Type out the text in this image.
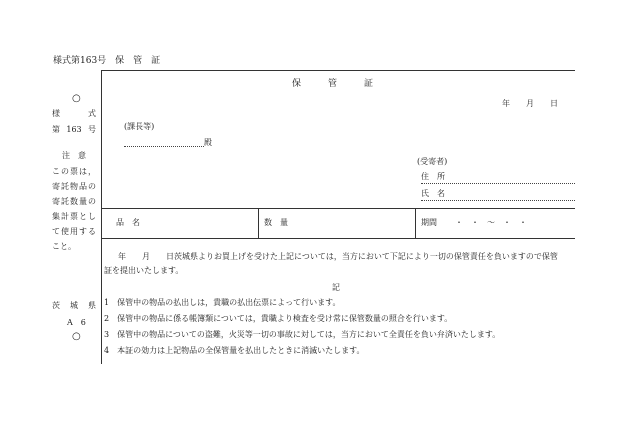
様式第163号　保　管　証
○
様　式
第163号
注　意
この票は，寄託物品の寄託数量の集計票として使用すること。
茨城県
A　6
○
保　　　管　　　証
年　　月　　日
(課長等)
殿
(受寄者)
住　所
氏　名
品　名	数　量	期間 ・　・　～　・　・
年　　月　　日茨城県よりお買上げを受けた上記については，当方において下記により一切の保管責任を負いますので保管
証を提出いたします。
記
1　保管中の物品の払出しは，貴職の払出伝票によって行います。
2　保管中の物品に係る帳簿類については，貴職より検査を受け常に保管数量の照合を行います。
3　保管中の物品についての盗難，火災等一切の事故に対しては，当方において全責任を負い弁済いたします。
4　本証の効力は上記物品の全保管量を払出したときに消滅いたします。
